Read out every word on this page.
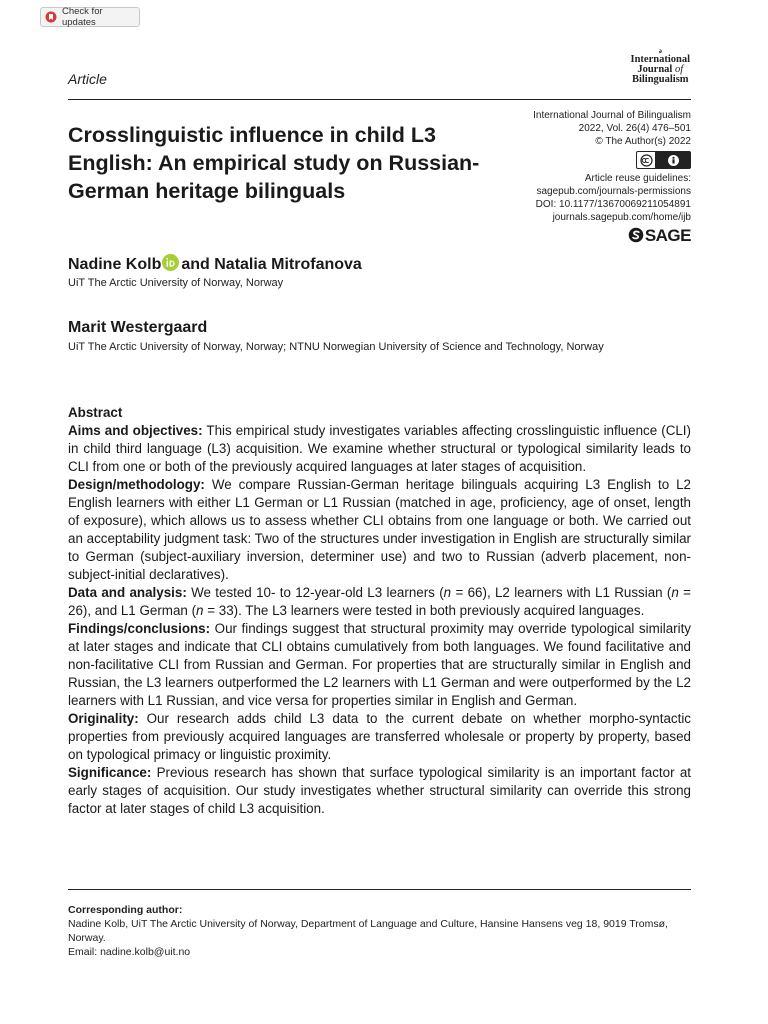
Check for updates
Article
ǝ
International
Journal of
Bilingualism
Crosslinguistic influence in child L3 English: An empirical study on Russian-German heritage bilinguals
International Journal of Bilingualism
2022, Vol. 26(4) 476–501
© The Author(s) 2022
Article reuse guidelines:
sagepub.com/journals-permissions
DOI: 10.1177/13670069211054891
journals.sagepub.com/home/ijb
SAGE
Nadine Kolb and Natalia Mitrofanova
UiT The Arctic University of Norway, Norway
Marit Westergaard
UiT The Arctic University of Norway, Norway; NTNU Norwegian University of Science and Technology, Norway
Abstract

Aims and objectives: This empirical study investigates variables affecting crosslinguistic influence (CLI) in child third language (L3) acquisition. We examine whether structural or typological similarity leads to CLI from one or both of the previously acquired languages at later stages of acquisition.

Design/methodology: We compare Russian-German heritage bilinguals acquiring L3 English to L2 English learners with either L1 German or L1 Russian (matched in age, proficiency, age of onset, length of exposure), which allows us to assess whether CLI obtains from one language or both. We carried out an acceptability judgment task: Two of the structures under investigation in English are structurally similar to German (subject-auxiliary inversion, determiner use) and two to Russian (adverb placement, non-subject-initial declaratives).

Data and analysis: We tested 10- to 12-year-old L3 learners (n = 66), L2 learners with L1 Russian (n = 26), and L1 German (n = 33). The L3 learners were tested in both previously acquired languages.

Findings/conclusions: Our findings suggest that structural proximity may override typological similarity at later stages and indicate that CLI obtains cumulatively from both languages. We found facilitative and non-facilitative CLI from Russian and German. For properties that are structurally similar in English and Russian, the L3 learners outperformed the L2 learners with L1 German and were outperformed by the L2 learners with L1 Russian, and vice versa for properties similar in English and German.

Originality: Our research adds child L3 data to the current debate on whether morpho-syntactic properties from previously acquired languages are transferred wholesale or property by property, based on typological primacy or linguistic proximity.

Significance: Previous research has shown that surface typological similarity is an important factor at early stages of acquisition. Our study investigates whether structural similarity can override this strong factor at later stages of child L3 acquisition.

Corresponding author:
Nadine Kolb, UiT The Arctic University of Norway, Department of Language and Culture, Hansine Hansens veg 18, 9019 Tromsø, Norway.
Email: nadine.kolb@uit.no
